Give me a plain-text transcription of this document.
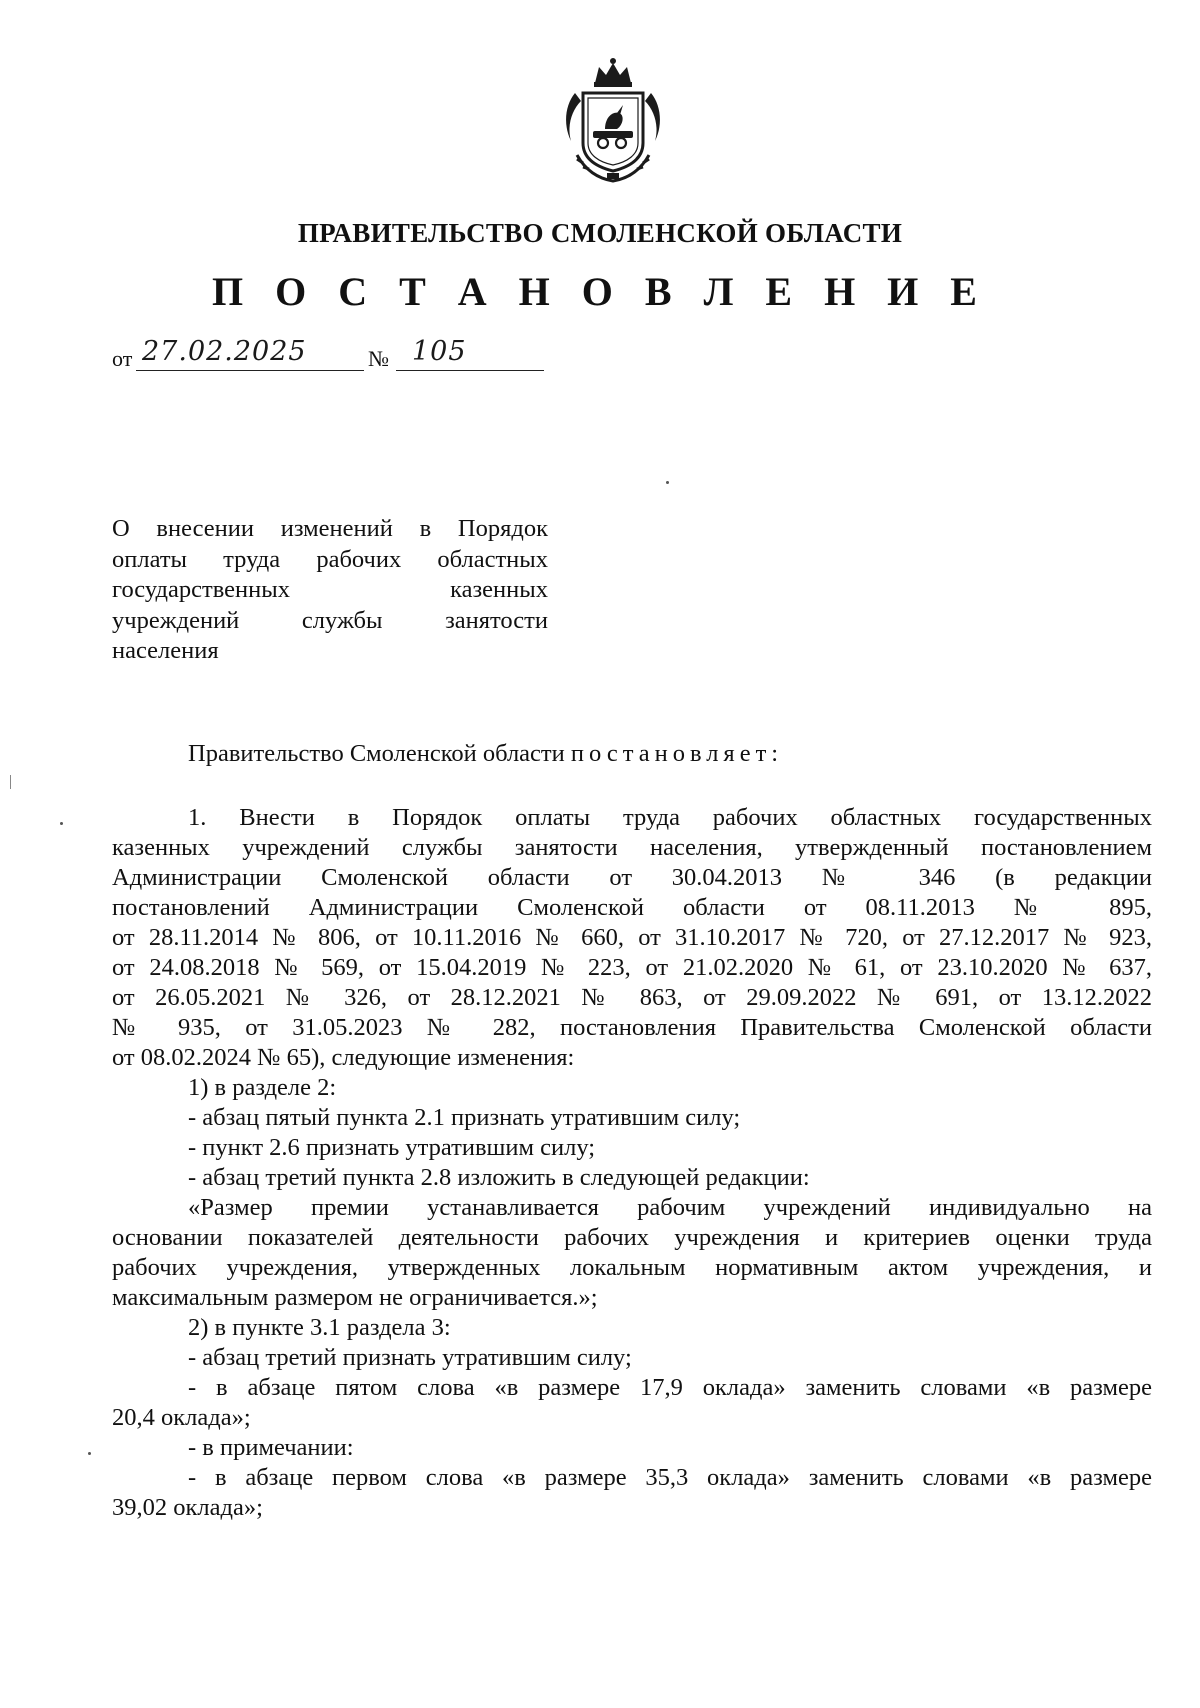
ПРАВИТЕЛЬСТВО СМОЛЕНСКОЙ ОБЛАСТИ
П О С Т А Н О В Л Е Н И Е
от 27.02.2025	№ 105
О внесении изменений в Порядок
оплаты труда рабочих областных
государственных казенных
учреждений службы занятости
населения
Правительство Смоленской области постановляет:
1. Внести в Порядок оплаты труда рабочих областных государственных
казенных учреждений службы занятости населения, утвержденный постановлением
Администрации Смоленской области от 30.04.2013 № 346 (в редакции
постановлений Администрации Смоленской области от 08.11.2013 № 895,
от 28.11.2014 № 806, от 10.11.2016 № 660, от 31.10.2017 № 720, от 27.12.2017 № 923,
от 24.08.2018 № 569, от 15.04.2019 № 223, от 21.02.2020 № 61, от 23.10.2020 № 637,
от 26.05.2021 № 326, от 28.12.2021 № 863, от 29.09.2022 № 691, от 13.12.2022
№ 935, от 31.05.2023 № 282, постановления Правительства Смоленской области
от 08.02.2024 № 65), следующие изменения:
1) в разделе 2:
- абзац пятый пункта 2.1 признать утратившим силу;
- пункт 2.6 признать утратившим силу;
- абзац третий пункта 2.8 изложить в следующей редакции:
«Размер премии устанавливается рабочим учреждений индивидуально на
основании показателей деятельности рабочих учреждения и критериев оценки труда
рабочих учреждения, утвержденных локальным нормативным актом учреждения, и
максимальным размером не ограничивается.»;
2) в пункте 3.1 раздела 3:
- абзац третий признать утратившим силу;
- в абзаце пятом слова «в размере 17,9 оклада» заменить словами «в размере
20,4 оклада»;
- в примечании:
- в абзаце первом слова «в размере 35,3 оклада» заменить словами «в размере
39,02 оклада»;
